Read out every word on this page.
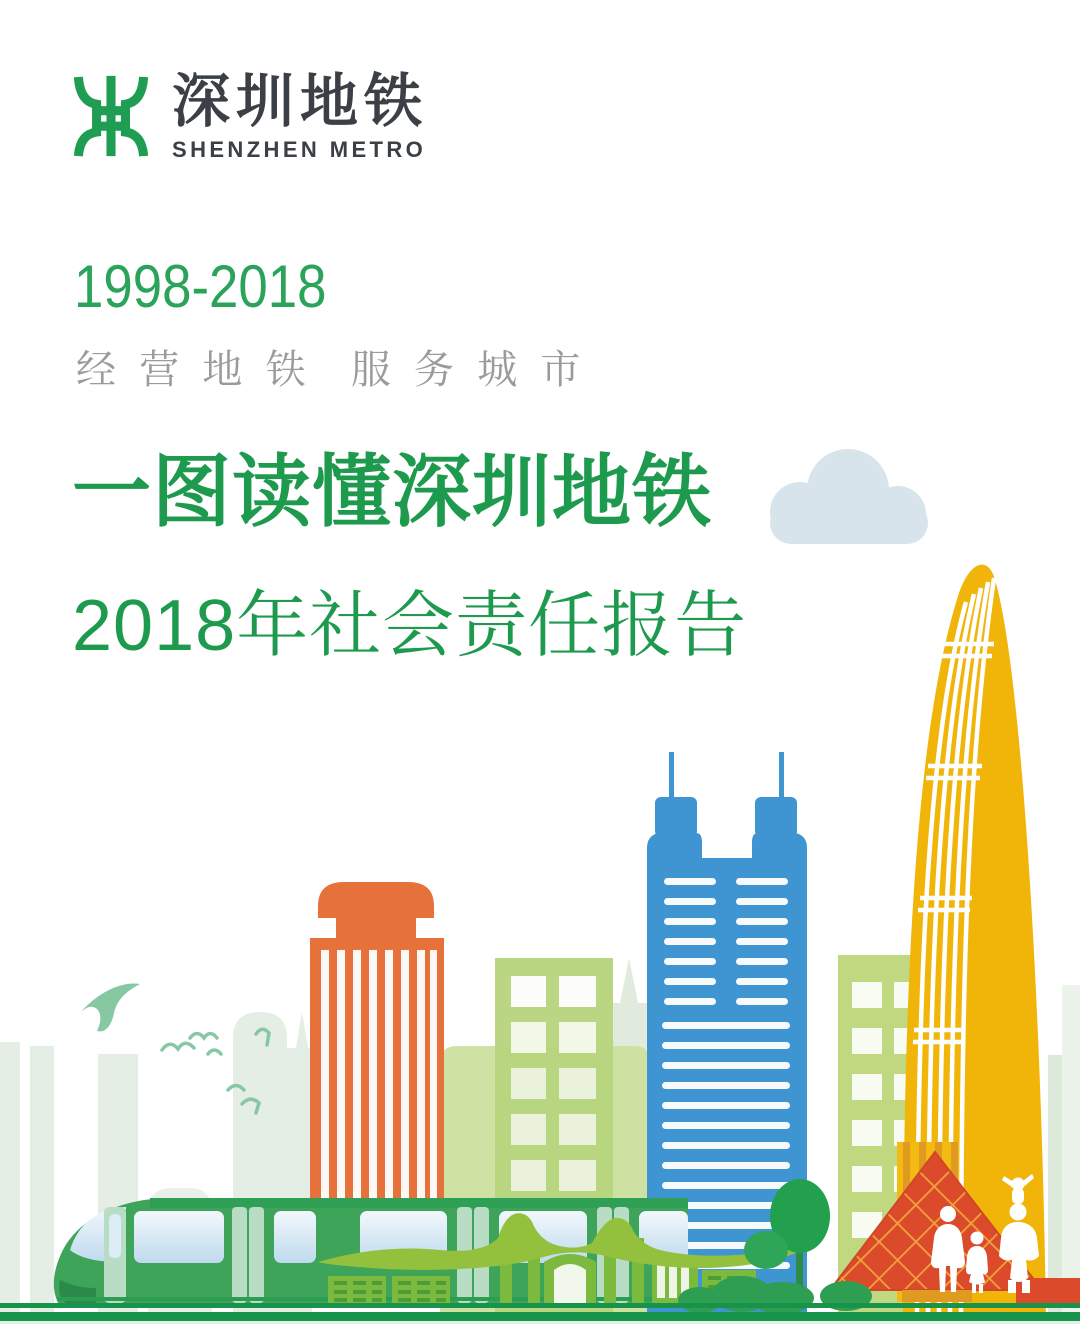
深圳地铁
SHENZHEN METRO
1998-2018
经营地铁 服务城市
一图读懂深圳地铁
2018年社会责任报告
